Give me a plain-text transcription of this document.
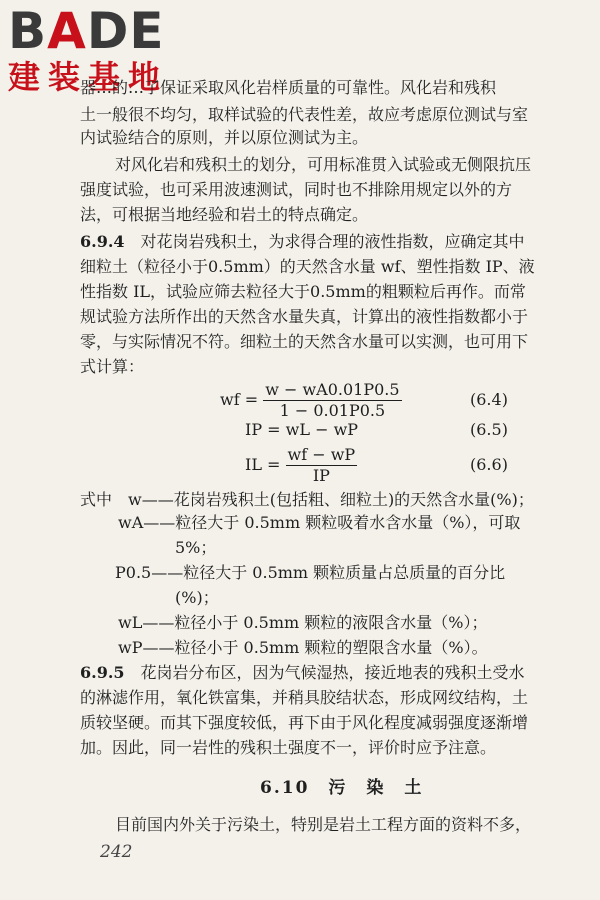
BADE
建装基地
器…的…了保证采取风化岩样质量的可靠性。风化岩和残积
土一般很不均匀，取样试验的代表性差，故应考虑原位测试与室
内试验结合的原则，并以原位测试为主。
对风化岩和残积土的划分，可用标准贯入试验或无侧限抗压
强度试验，也可采用波速测试，同时也不排除用规定以外的方
法，可根据当地经验和岩土的特点确定。
6.9.4　对花岗岩残积土，为求得合理的液性指数，应确定其中
细粒土（粒径小于0.5mm）的天然含水量 wf、塑性指数 IP、液
性指数 IL，试验应筛去粒径大于0.5mm的粗颗粒后再作。而常
规试验方法所作出的天然含水量失真，计算出的液性指数都小于
零，与实际情况不符。细粒土的天然含水量可以实测，也可用下
式计算：
wf = $\frac{w - wA0.01P0.5}{1 - 0.01P0.5}$	(6.4)
IP = wL − wP	(6.5)
IL = $\frac{wf - wP}{IP}$	(6.6)
式中　w——花岗岩残积土(包括粗、细粒土)的天然含水量(%)；
wA——粒径大于 0.5mm 颗粒吸着水含水量（%），可取
5%；
P0.5——粒径大于 0.5mm 颗粒质量占总质量的百分比
(%)；
wL——粒径小于 0.5mm 颗粒的液限含水量（%）；
wP——粒径小于 0.5mm 颗粒的塑限含水量（%）。
6.9.5　花岗岩分布区，因为气候湿热，接近地表的残积土受水
的淋滤作用，氧化铁富集，并稍具胶结状态，形成网纹结构，土
质较坚硬。而其下强度较低，再下由于风化程度减弱强度逐渐增
加。因此，同一岩性的残积土强度不一，评价时应予注意。
6.10　污　染　土
目前国内外关于污染土，特别是岩土工程方面的资料不多，
242
